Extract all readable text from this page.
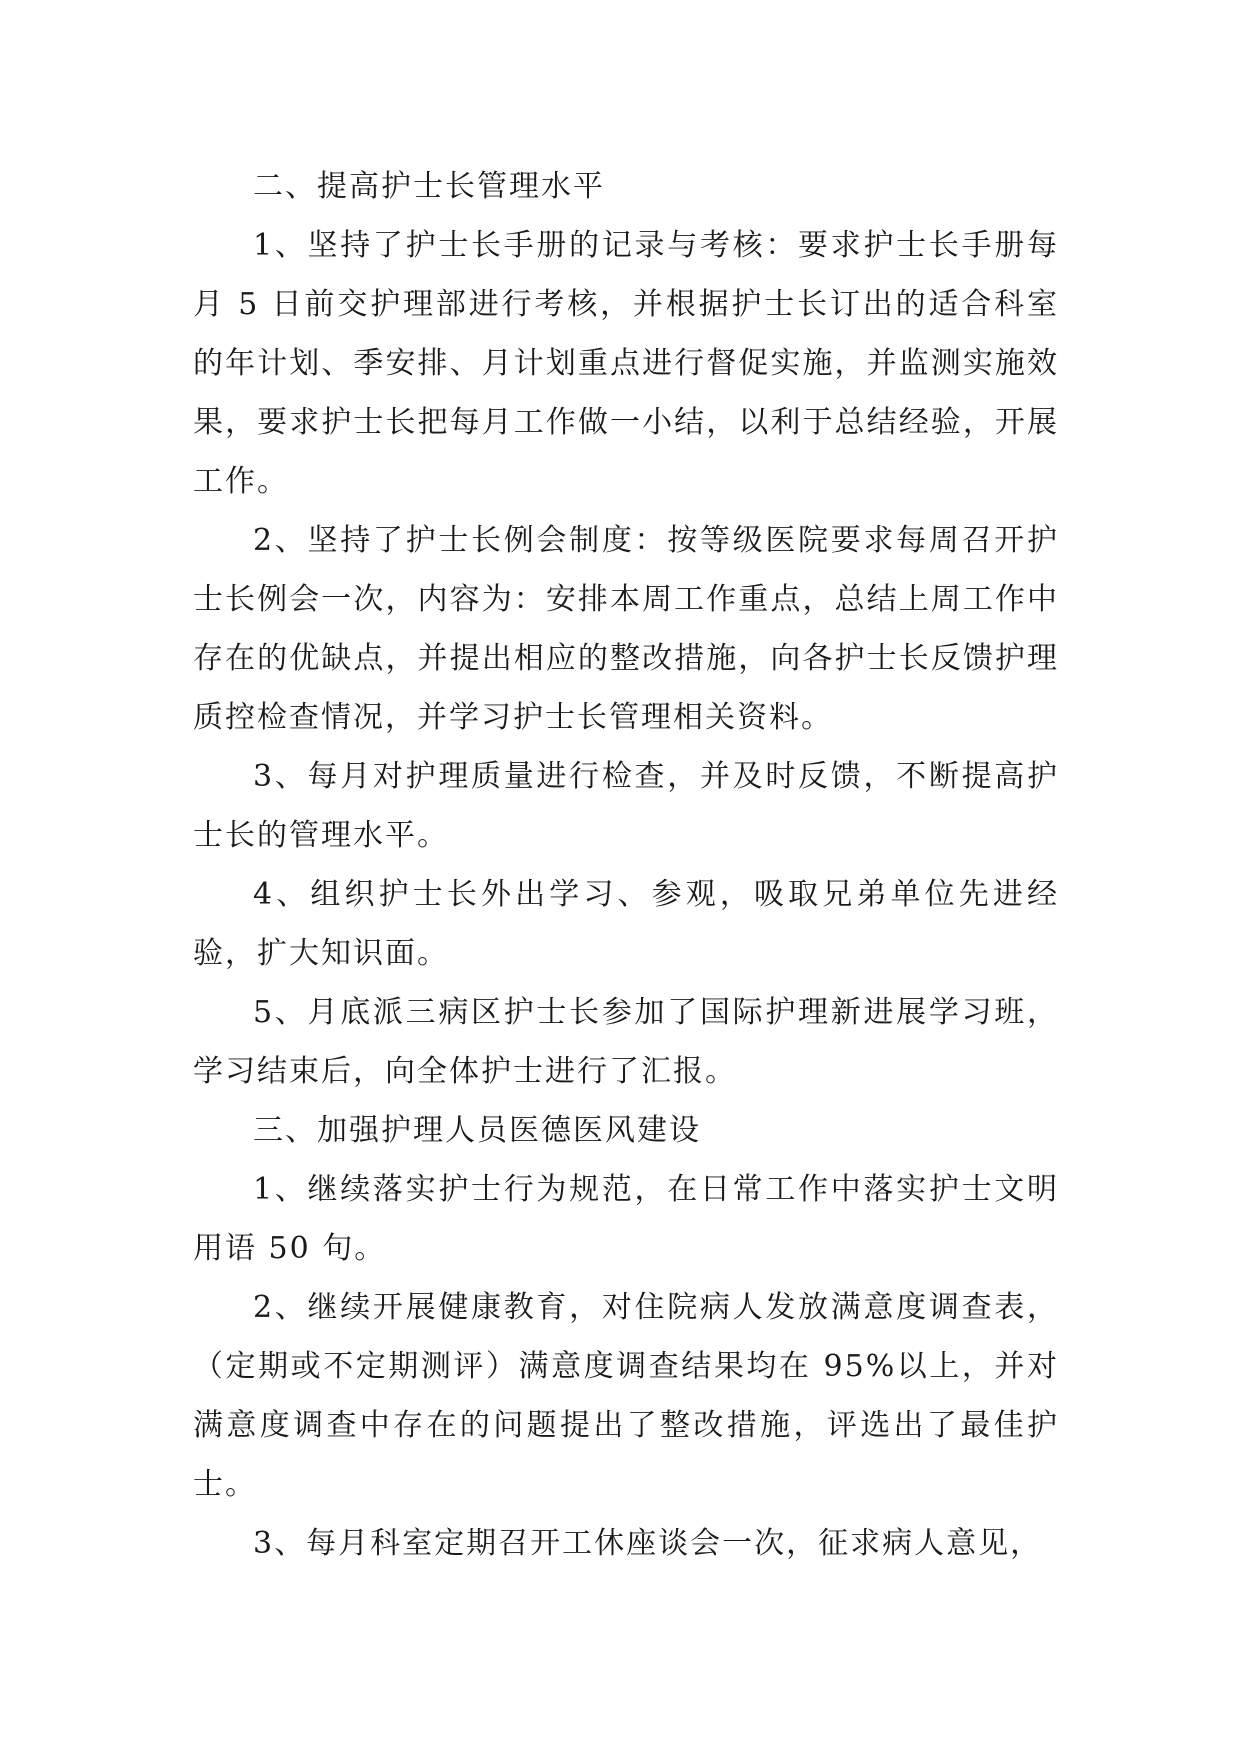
二、提高护士长管理水平

1、坚持了护士长手册的记录与考核：要求护士长手册每月 5 日前交护理部进行考核，并根据护士长订出的适合科室的年计划、季安排、月计划重点进行督促实施，并监测实施效果，要求护士长把每月工作做一小结，以利于总结经验，开展工作。

2、坚持了护士长例会制度：按等级医院要求每周召开护士长例会一次，内容为：安排本周工作重点，总结上周工作中存在的优缺点，并提出相应的整改措施，向各护士长反馈护理质控检查情况，并学习护士长管理相关资料。

3、每月对护理质量进行检查，并及时反馈，不断提高护士长的管理水平。

4、组织护士长外出学习、参观，吸取兄弟单位先进经验，扩大知识面。

5、月底派三病区护士长参加了国际护理新进展学习班，学习结束后，向全体护士进行了汇报。

三、加强护理人员医德医风建设

1、继续落实护士行为规范，在日常工作中落实护士文明用语 50 句。

2、继续开展健康教育，对住院病人发放满意度调查表，（定期或不定期测评）满意度调查结果均在 95%以上，并对满意度调查中存在的问题提出了整改措施，评选出了最佳护士。

3、每月科室定期召开工休座谈会一次，征求病人意见，
